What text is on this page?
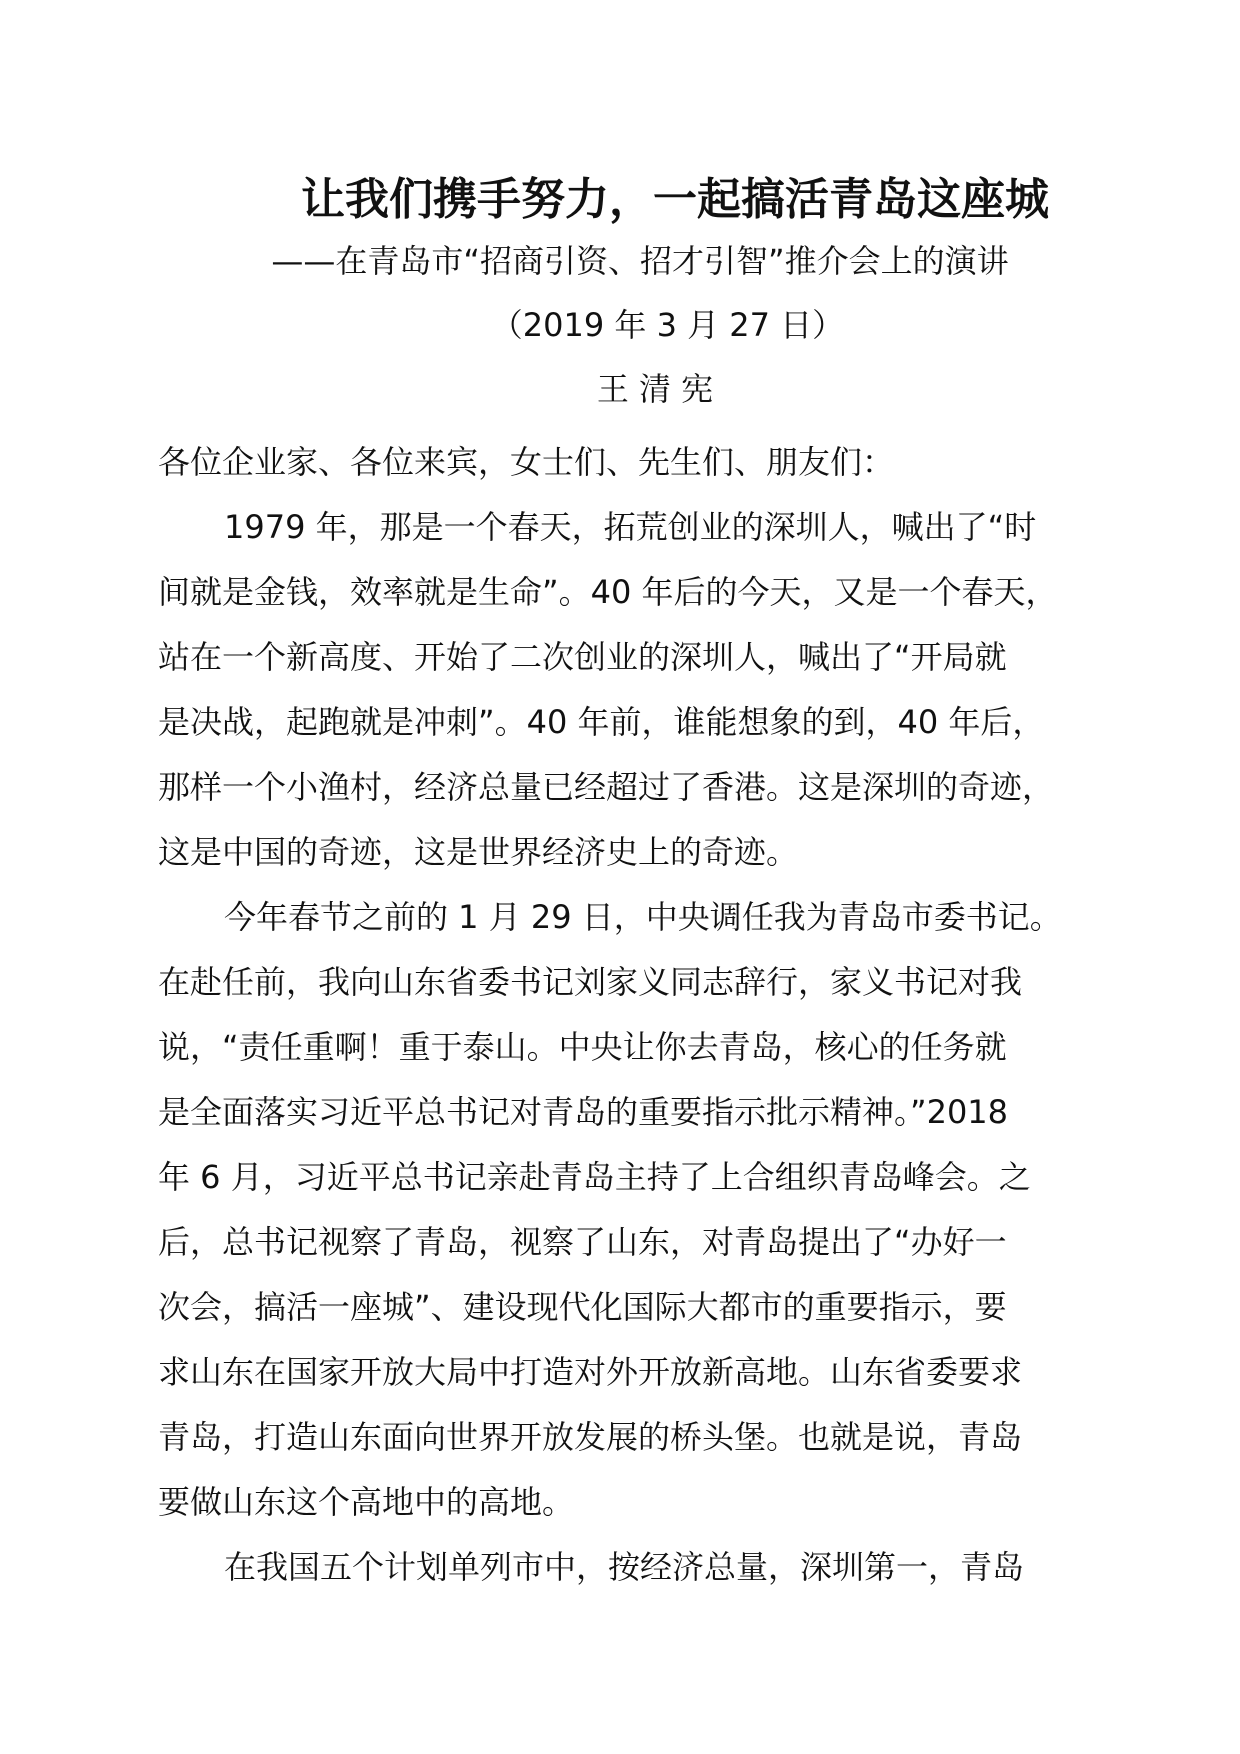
让我们携手努力，一起搞活青岛这座城
——在青岛市“招商引资、招才引智”推介会上的演讲
（2019 年 3 月 27 日）
王 清 宪
各位企业家、各位来宾，女士们、先生们、朋友们：
1979 年，那是一个春天，拓荒创业的深圳人，喊出了“时
间就是金钱，效率就是生命”。40 年后的今天，又是一个春天，
站在一个新高度、开始了二次创业的深圳人，喊出了“开局就
是决战，起跑就是冲刺”。40 年前，谁能想象的到，40 年后，
那样一个小渔村，经济总量已经超过了香港。这是深圳的奇迹，
这是中国的奇迹，这是世界经济史上的奇迹。
今年春节之前的 1 月 29 日，中央调任我为青岛市委书记。
在赴任前，我向山东省委书记刘家义同志辞行，家义书记对我
说，“责任重啊！重于泰山。中央让你去青岛，核心的任务就
是全面落实习近平总书记对青岛的重要指示批示精神。”2018
年 6 月，习近平总书记亲赴青岛主持了上合组织青岛峰会。之
后，总书记视察了青岛，视察了山东，对青岛提出了“办好一
次会，搞活一座城”、建设现代化国际大都市的重要指示，要
求山东在国家开放大局中打造对外开放新高地。山东省委要求
青岛，打造山东面向世界开放发展的桥头堡。也就是说，青岛
要做山东这个高地中的高地。
在我国五个计划单列市中，按经济总量，深圳第一，青岛
